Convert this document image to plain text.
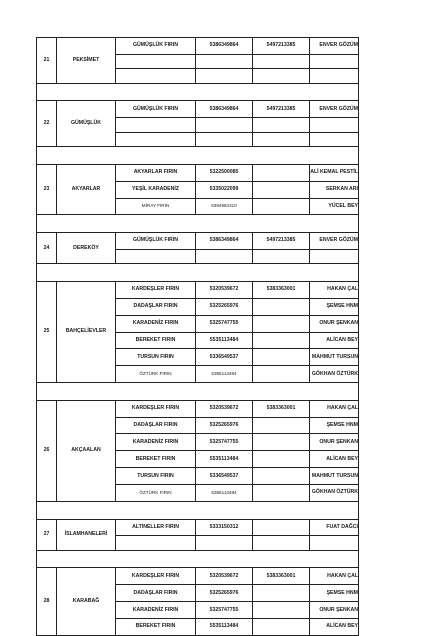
21	PEKSİMET	GÜMÜŞLÜK FIRIN	5386349864	5497213385	ENVER GÖZÜM

22	GÜMÜŞLÜK	GÜMÜŞLÜK FIRIN	5386349864	5497213385	ENVER GÖZÜM

23	AKYARLAR	AKYARLAR FIRIN	5322500085		ALİ KEMAL PESTİL
		YEŞİL KARADENİZ	5335022099		SERKAN ARI
		MİRAY FIRIN	5384984310		YÜCEL BEY

24	DEREKÖY	GÜMÜŞLÜK FIRIN	5386349864	5497213385	ENVER GÖZÜM

25	BAHÇELİEVLER	KARDEŞLER FIRIN	5320539672	5383363001	HAKAN ÇAL
		DADAŞLAR FIRIN	5325265976		ŞEMSE HNM
		KARADENİZ FIRIN	5325747755		ONUR ŞENKAN
		BEREKET FIRIN	5535113484		ALİCAN BEY
		TURSUN FIRIN	5336549537		MAHMUT TURSUN
		ÖZTÜRK FIRIN	5385113484		GÖKHAN ÖZTÜRK

26	AKÇAALAN	KARDEŞLER FIRIN	5320539672	5383363001	HAKAN ÇAL
		DADAŞLAR FIRIN	5325265976		ŞEMSE HNM
		KARADENİZ FIRIN	5325747755		ONUR ŞENKAN
		BEREKET FIRIN	5535113484		ALİCAN BEY
		TURSUN FIRIN	5336549537		MAHMUT TURSUN
		ÖZTÜRK FIRIN	5385113484		GÖKHAN ÖZTÜRK

27	İSLAMHANELERİ	ALTINELLER FIRIN	5333150312		FUAT DAĞCI

28	KARABAĞ	KARDEŞLER FIRIN	5320539672	5383363001	HAKAN ÇAL
		DADAŞLAR FIRIN	5325265976		ŞEMSE HNM
		KARADENİZ FIRIN	5325747755		ONUR ŞENKAN
		BEREKET FIRIN	5535113484		ALİCAN BEY
